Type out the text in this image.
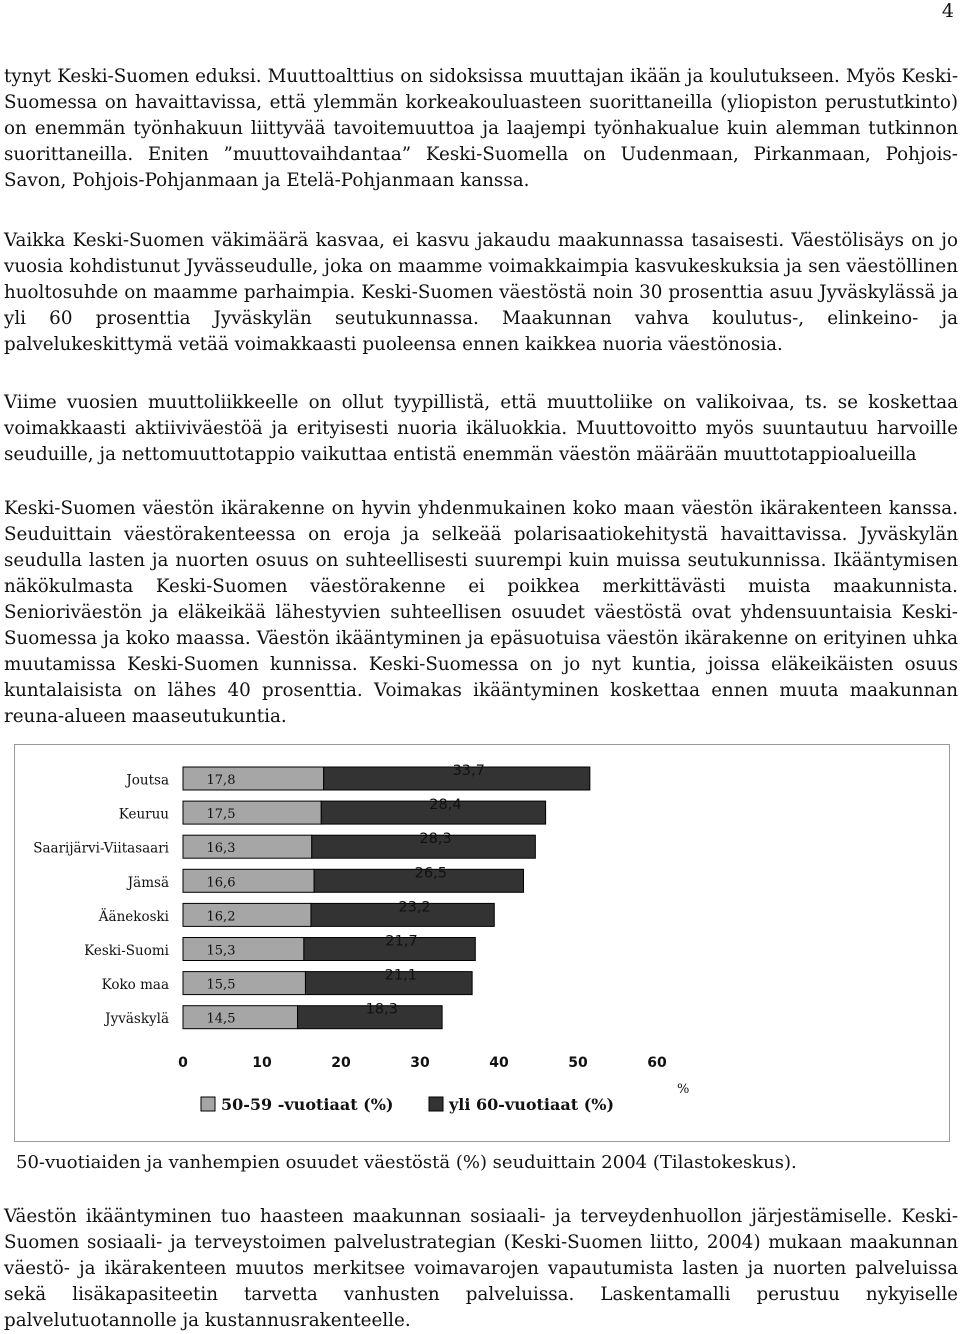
4

tynyt Keski-Suomen eduksi. Muuttoalttius on sidoksissa muuttajan ikään ja koulutukseen. Myös Keski-Suomessa on havaittavissa, että ylemmän korkeakouluasteen suorittaneilla (yliopiston perustutkinto) on enemmän työnhakuun liittyvää tavoitemuuttoa ja laajempi työnhakualue kuin alemman tutkinnon suorittaneilla. Eniten ”muuttovaihdantaa” Keski-Suomella on Uudenmaan, Pirkanmaan, Pohjois-Savon, Pohjois-Pohjanmaan ja Etelä-Pohjanmaan kanssa.

Vaikka Keski-Suomen väkimäärä kasvaa, ei kasvu jakaudu maakunnassa tasaisesti. Väestölisäys on jo vuosia kohdistunut Jyvässeudulle, joka on maamme voimakkaimpia kasvukeskuksia ja sen väestöllinen huoltosuhde on maamme parhaimpia. Keski-Suomen väestöstä noin 30 prosenttia asuu Jyväskylässä ja yli 60 prosenttia Jyväskylän seutukunnassa. Maakunnan vahva koulutus-, elinkeino- ja palvelukeskittymä vetää voimakkaasti puoleensa ennen kaikkea nuoria väestönosia.

Viime vuosien muuttoliikkeelle on ollut tyypillistä, että muuttoliike on valikoivaa, ts. se koskettaa voimakkaasti aktiiviväestöä ja erityisesti nuoria ikäluokkia. Muuttovoitto myös suuntautuu harvoille seuduille, ja nettomuuttotappio vaikuttaa entistä enemmän väestön määrään muuttotappioalueilla

Keski-Suomen väestön ikärakenne on hyvin yhdenmukainen koko maan väestön ikärakenteen kanssa. Seuduittain väestörakenteessa on eroja ja selkeää polarisaatiokehitystä havaittavissa. Jyväskylän seudulla lasten ja nuorten osuus on suhteellisesti suurempi kuin muissa seutukunnissa. Ikääntymisen näkökulmasta Keski-Suomen väestörakenne ei poikkea merkittävästi muista maakunnista. Senioriväestön ja eläkeikää lähestyvien suhteellisen osuudet väestöstä ovat yhdensuuntaisia Keski-Suomessa ja koko maassa. Väestön ikääntyminen ja epäsuotuisa väestön ikärakenne on erityinen uhka muutamissa Keski-Suomen kunnissa. Keski-Suomessa on jo nyt kuntia, joissa eläkeikäisten osuus kuntalaisista on lähes 40 prosenttia. Voimakas ikääntyminen koskettaa ennen muuta maakunnan reuna-alueen maaseutukuntia.

Joutsa	17,8
33,7
Keuruu	17,5
28,4
Saarijärvi-Viitasaari	16,3
28,3
Jämsä	16,6
26,5
Äänekoski	16,2
23,2
Keski-Suomi	15,3
21,7
Koko maa	15,5
21,1
Jyväskylä	14,5
18,3
0	10	20	30	40	50	60
%
50-59 -vuotiaat (%)	yli 60-vuotiaat (%)
50-vuotiaiden ja vanhempien osuudet väestöstä (%) seuduittain 2004 (Tilastokeskus).

Väestön ikääntyminen tuo haasteen maakunnan sosiaali- ja terveydenhuollon järjestämiselle. Keski-Suomen sosiaali- ja terveystoimen palvelustrategian (Keski-Suomen liitto, 2004) mukaan maakunnan väestö- ja ikärakenteen muutos merkitsee voimavarojen vapautumista lasten ja nuorten palveluissa sekä lisäkapasiteetin tarvetta vanhusten palveluissa. Laskentamalli perustuu nykyiselle palvelutuotannolle ja kustannusrakenteelle.
